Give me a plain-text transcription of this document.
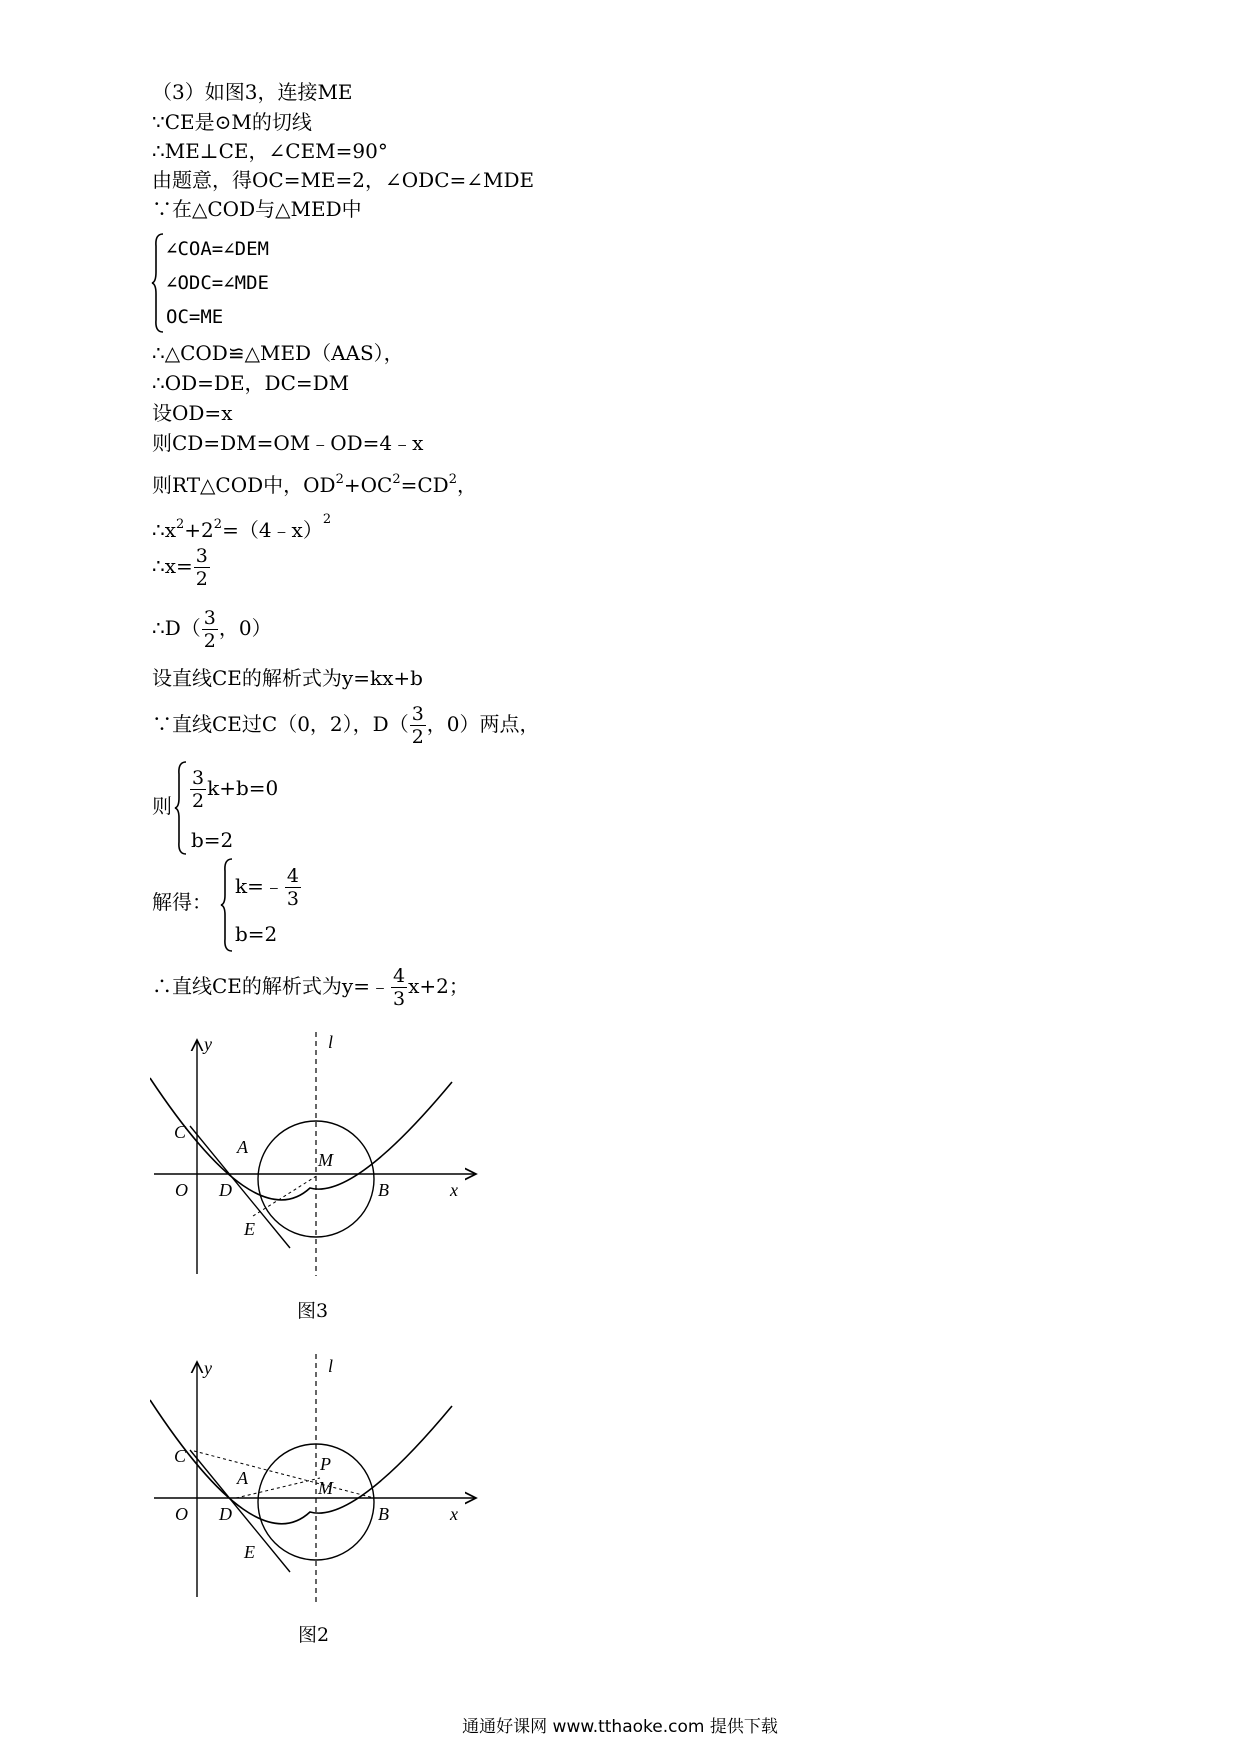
（3）如图3，连接ME
∵CE是⊙M的切线
∴ME⊥CE，∠CEM=90°
由题意，得OC=ME=2，∠ODC=∠MDE
∵在△COD与△MED中
∠COA=∠DEM
∠ODC=∠MDE
OC=ME
∴△COD≌△MED（AAS），
∴OD=DE，DC=DM
设OD=x
则CD=DM=OM﹣OD=4﹣x
则RT△COD中，$OD^2+OC^2=CD^2$，
$\therefore x^2+2^2=(4﹣x)^2$
∴x= $\frac{3}{2}$
∴D（ $\frac{3}{2}$ ，0）
设直线CE的解析式为y=kx+b
∵直线CE过C（0，2），$D( \frac{3}{2}$ ，0）两点，
则 $\frac{3}{2} k+b=0$
b=2
解得：
k=﹣ $\frac{4}{3}$
b=2
∴直线CE的解析式为y=﹣ $\frac{4}{3} x+2$；
y	l
C
A
M
O D	B	x
E
图3
y	l
C	P
A	M
O D	B	x
E
图2
通通好课网 www.tthaoke.com 提供下载
